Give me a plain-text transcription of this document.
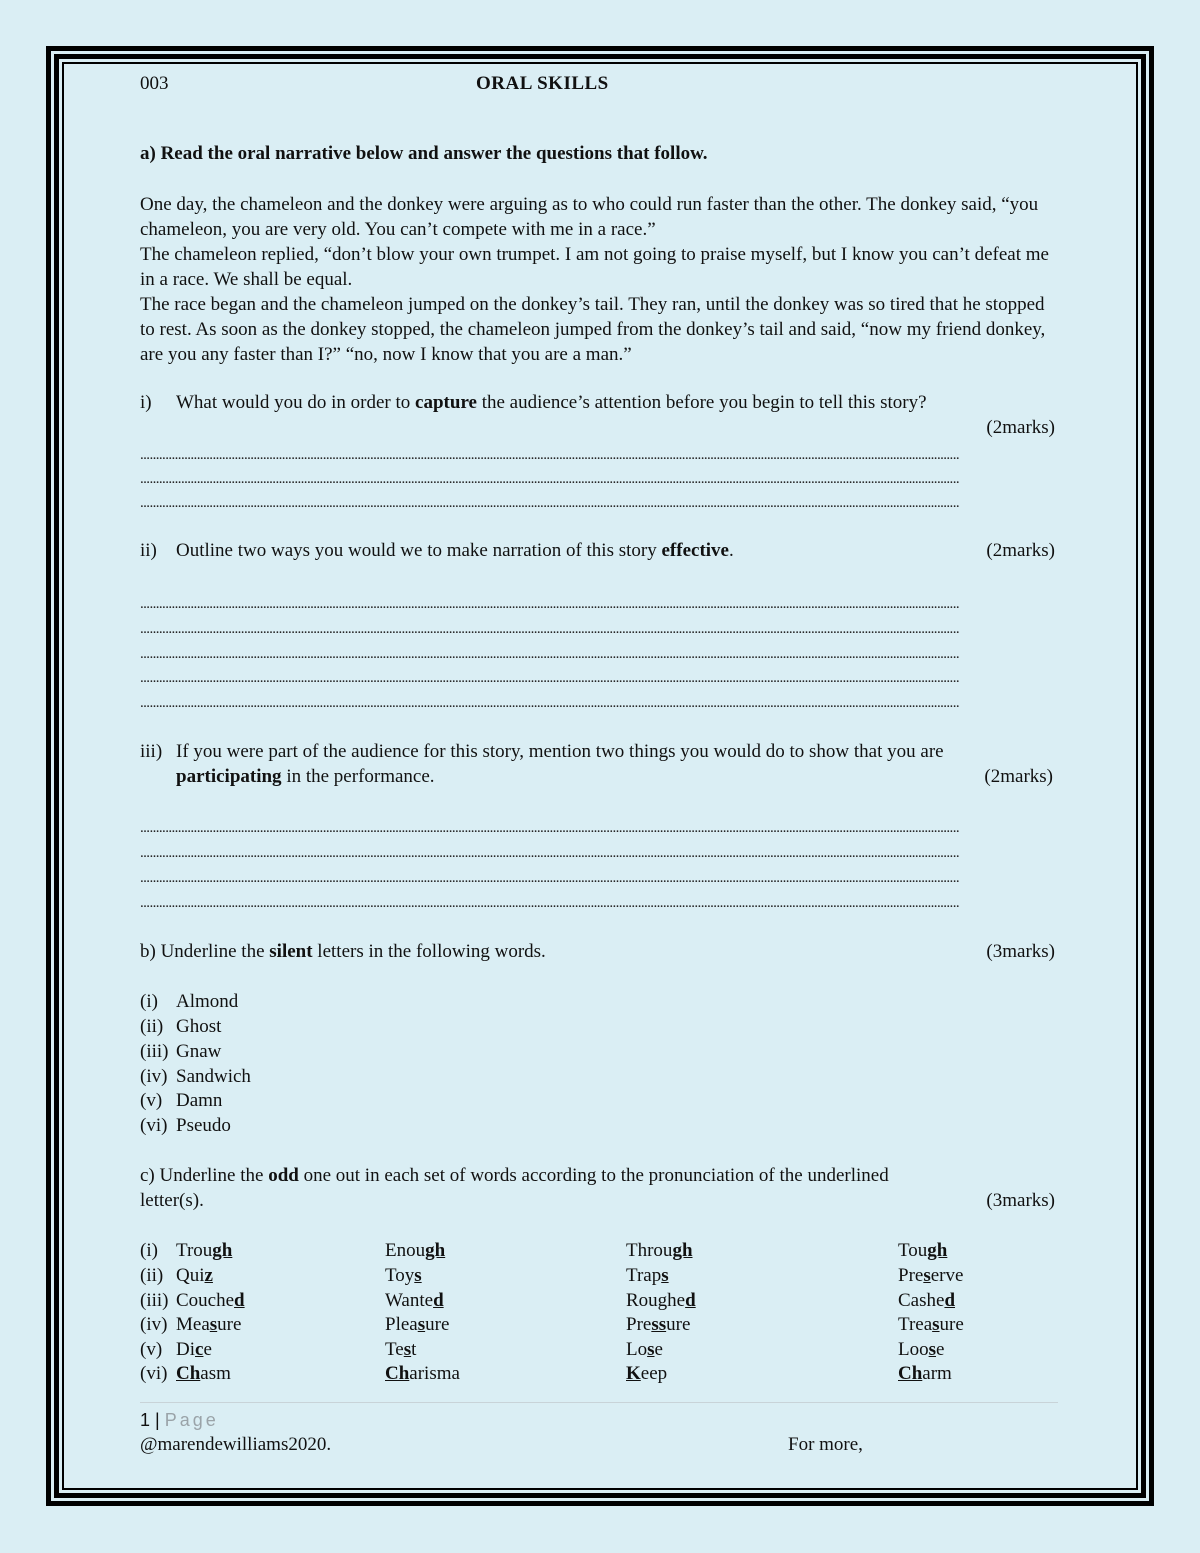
003	ORAL SKILLS
a) Read the oral narrative below and answer the questions that follow.

One day, the chameleon and the donkey were arguing as to who could run faster than the other. The donkey said, “you chameleon, you are very old. You can’t compete with me in a race.”

The chameleon replied, “don’t blow your own trumpet. I am not going to praise myself, but I know you can’t defeat me in a race. We shall be equal.

The race began and the chameleon jumped on the donkey’s tail. They ran, until the donkey was so tired that he stopped to rest. As soon as the donkey stopped, the chameleon jumped from the donkey’s tail and said, “now my friend donkey, are you any faster than I?” “no, now I know that you are a man.”

i) What would you do in order to capture the audience’s attention before you begin to tell this story?
(2marks)
....................................................................................................................................................................................................................................................................
....................................................................................................................................................................................................................................................................
....................................................................................................................................................................................................................................................................
ii) Outline two ways you would we to make narration of this story effective.	(2marks)
....................................................................................................................................................................................................................................................................
....................................................................................................................................................................................................................................................................
....................................................................................................................................................................................................................................................................
....................................................................................................................................................................................................................................................................
....................................................................................................................................................................................................................................................................
iii) If you were part of the audience for this story, mention two things you would do to show that you are
participating in the performance.	(2marks)
....................................................................................................................................................................................................................................................................
....................................................................................................................................................................................................................................................................
....................................................................................................................................................................................................................................................................
....................................................................................................................................................................................................................................................................
b) Underline the silent letters in the following words.	(3marks)
(i) Almond
(ii) Ghost
(iii) Gnaw
(iv) Sandwich
(v) Damn
(vi) Pseudo
c) Underline the odd one out in each set of words according to the pronunciation of the underlined
letter(s).	(3marks)
(i) Trough	Enough	Through	Tough
(ii) Quiz	Toys	Traps	Preserve
(iii) Couched	Wanted	Roughed	Cashed
(iv) Measure	Pleasure	Pressure	Treasure
(v) Dice	Test	Lose	Loose
(vi) Chasm	Charisma	Keep	Charm
1 | Page
@marendewilliams2020.	For more,
